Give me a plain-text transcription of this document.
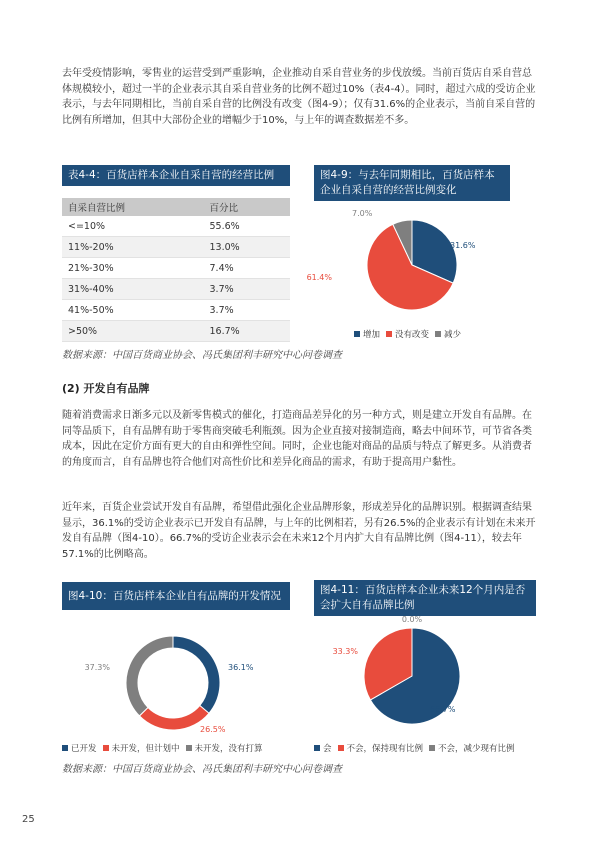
去年受疫情影响，零售业的运营受到严重影响，企业推动自采自营业务的步伐放缓。当前百货店自采自营总体规模较小，超过一半的企业表示其自采自营业务的比例不超过10%（表4-4）。同时，超过六成的受访企业表示，与去年同期相比，当前自采自营的比例没有改变（图4-9）；仅有31.6%的企业表示，当前自采自营的比例有所增加，但其中大部份企业的增幅少于10%，与上年的调查数据差不多。

表4-4：百货店样本企业自采自营的经营比例
自采自营比例	百分比
<=10%	55.6%
11%-20%	13.0%
21%-30%	7.4%
31%-40%	3.7%
41%-50%	3.7%
>50%	16.7%
图4-9：与去年同期相比，百货店样本企业自采自营的经营比例变化
31.6%
61.4%
7.0%
增加 没有改变 减少
数据来源：中国百货商业协会、冯氏集团利丰研究中心问卷调查
(2) 开发自有品牌

随着消费需求日渐多元以及新零售模式的催化，打造商品差异化的另一种方式，则是建立开发自有品牌。在同等品质下，自有品牌有助于零售商突破毛利瓶颈。因为企业直接对接制造商，略去中间环节，可节省各类成本，因此在定价方面有更大的自由和弹性空间。同时，企业也能对商品的品质与特点了解更多。从消费者的角度而言，自有品牌也符合他们对高性价比和差异化商品的需求，有助于提高用户黏性。

近年来，百货企业尝试开发自有品牌，希望借此强化企业品牌形象，形成差异化的品牌识别。根据调查结果显示，36.1%的受访企业表示已开发自有品牌，与上年的比例相若，另有26.5%的企业表示有计划在未来开发自有品牌（图4-10）。66.7%的受访企业表示会在未来12个月内扩大自有品牌比例（图4-11），较去年57.1%的比例略高。

图4-10：百货店样本企业自有品牌的开发情况
36.1%
26.5%
37.3%
已开发 未开发，但计划中 未开发，没有打算
图4-11：百货店样本企业未来12个月内是否会扩大自有品牌比例
66.7%
33.3%
0.0%
会 不会，保持现有比例 不会，减少现有比例
数据来源：中国百货商业协会、冯氏集团利丰研究中心问卷调查
25
